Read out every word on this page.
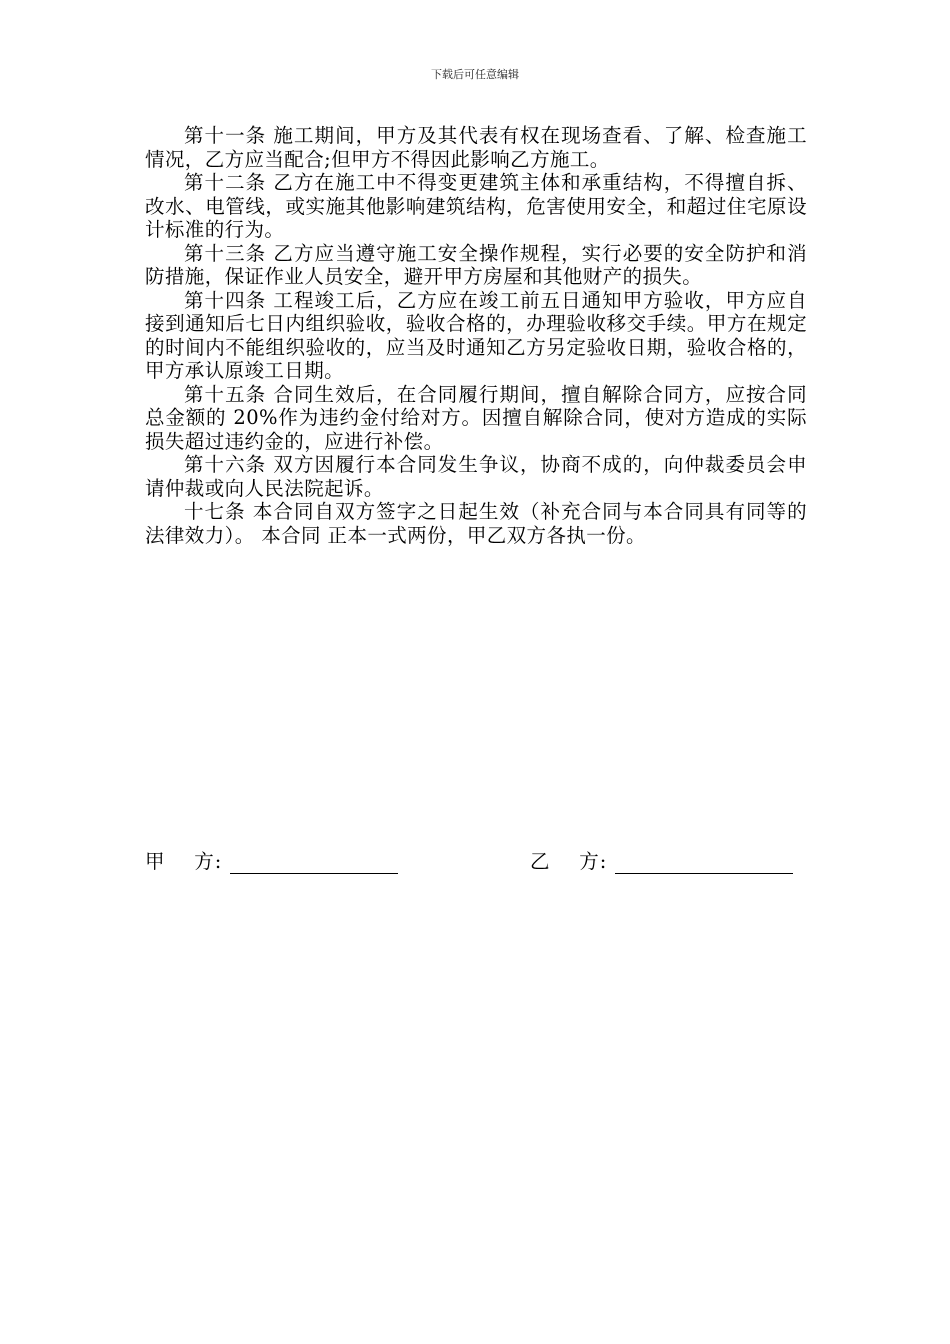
下载后可任意编辑

第十一条 施工期间，甲方及其代表有权在现场查看、了解、检查施工情况，乙方应当配合;但甲方不得因此影响乙方施工。

第十二条 乙方在施工中不得变更建筑主体和承重结构，不得擅自拆、改水、电管线，或实施其他影响建筑结构，危害使用安全，和超过住宅原设计标准的行为。

第十三条 乙方应当遵守施工安全操作规程，实行必要的安全防护和消防措施，保证作业人员安全，避开甲方房屋和其他财产的损失。

第十四条 工程竣工后，乙方应在竣工前五日通知甲方验收，甲方应自接到通知后七日内组织验收，验收合格的，办理验收移交手续。甲方在规定的时间内不能组织验收的，应当及时通知乙方另定验收日期，验收合格的，甲方承认原竣工日期。

第十五条 合同生效后，在合同履行期间，擅自解除合同方，应按合同总金额的 20%作为违约金付给对方。因擅自解除合同，使对方造成的实际损失超过违约金的，应进行补偿。

第十六条 双方因履行本合同发生争议，协商不成的，向仲裁委员会申请仲裁或向人民法院起诉。

十七条 本合同自双方签字之日起生效（补充合同与本合同具有同等的法律效力）。 本合同 正本一式两份，甲乙双方各执一份。

甲    方:	乙    方:
